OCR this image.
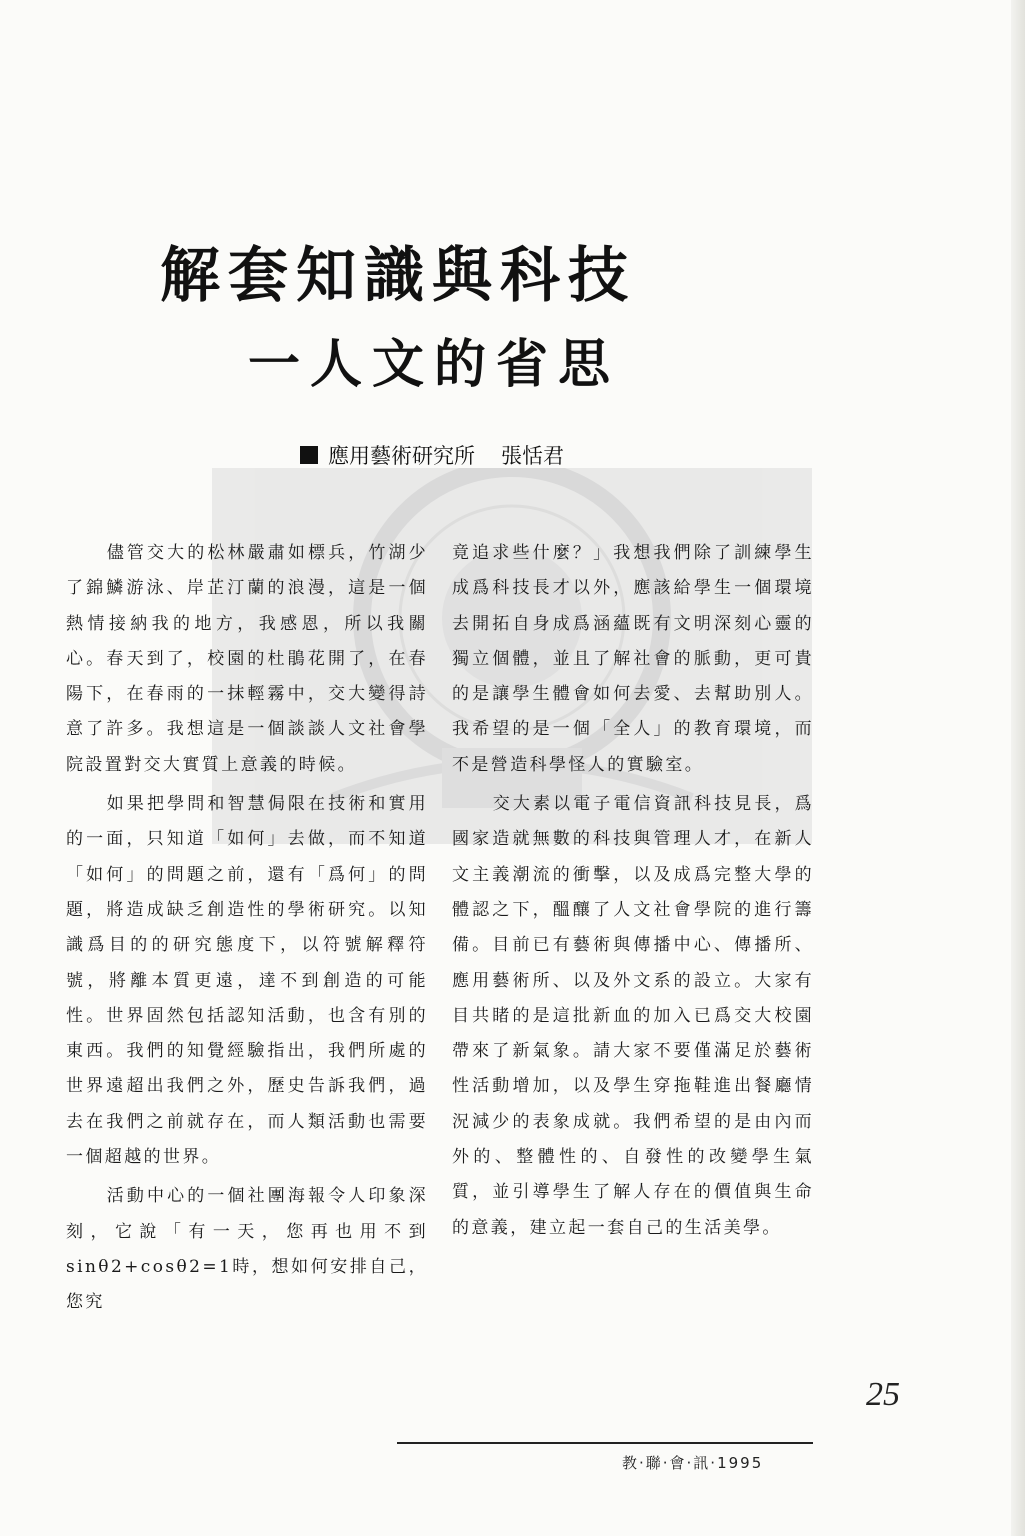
解套知識與科技
一人文的省思
應用藝術研究所 張恬君

儘管交大的松林嚴肅如標兵，竹湖少了錦鱗游泳、岸芷汀蘭的浪漫，這是一個熱情接納我的地方，我感恩，所以我關心。春天到了，校園的杜鵑花開了，在春陽下，在春雨的一抹輕霧中，交大變得詩意了許多。我想這是一個談談人文社會學院設置對交大實質上意義的時候。

如果把學問和智慧侷限在技術和實用的一面，只知道「如何」去做，而不知道「如何」的問題之前，還有「爲何」的問題，將造成缺乏創造性的學術研究。以知識爲目的的研究態度下，以符號解釋符號，將離本質更遠，達不到創造的可能性。世界固然包括認知活動，也含有別的東西。我們的知覺經驗指出，我們所處的世界遠超出我們之外，歷史告訴我們，過去在我們之前就存在，而人類活動也需要一個超越的世界。

活動中心的一個社團海報令人印象深刻，它說「有一天，您再也用不到sinθ2+cosθ2=1時，想如何安排自己，您究

竟追求些什麼？」我想我們除了訓練學生成爲科技長才以外，應該給學生一個環境去開拓自身成爲涵蘊既有文明深刻心靈的獨立個體，並且了解社會的脈動，更可貴的是讓學生體會如何去愛、去幫助別人。我希望的是一個「全人」的教育環境，而不是營造科學怪人的實驗室。

交大素以電子電信資訊科技見長，爲國家造就無數的科技與管理人才，在新人文主義潮流的衝擊，以及成爲完整大學的體認之下，醞釀了人文社會學院的進行籌備。目前已有藝術與傳播中心、傳播所、應用藝術所、以及外文系的設立。大家有目共睹的是這批新血的加入已爲交大校園帶來了新氣象。請大家不要僅滿足於藝術性活動增加，以及學生穿拖鞋進出餐廳情況減少的表象成就。我們希望的是由內而外的、整體性的、自發性的改變學生氣質，並引導學生了解人存在的價值與生命的意義，建立起一套自己的生活美學。

25
教‧聯‧會‧訊‧1995
